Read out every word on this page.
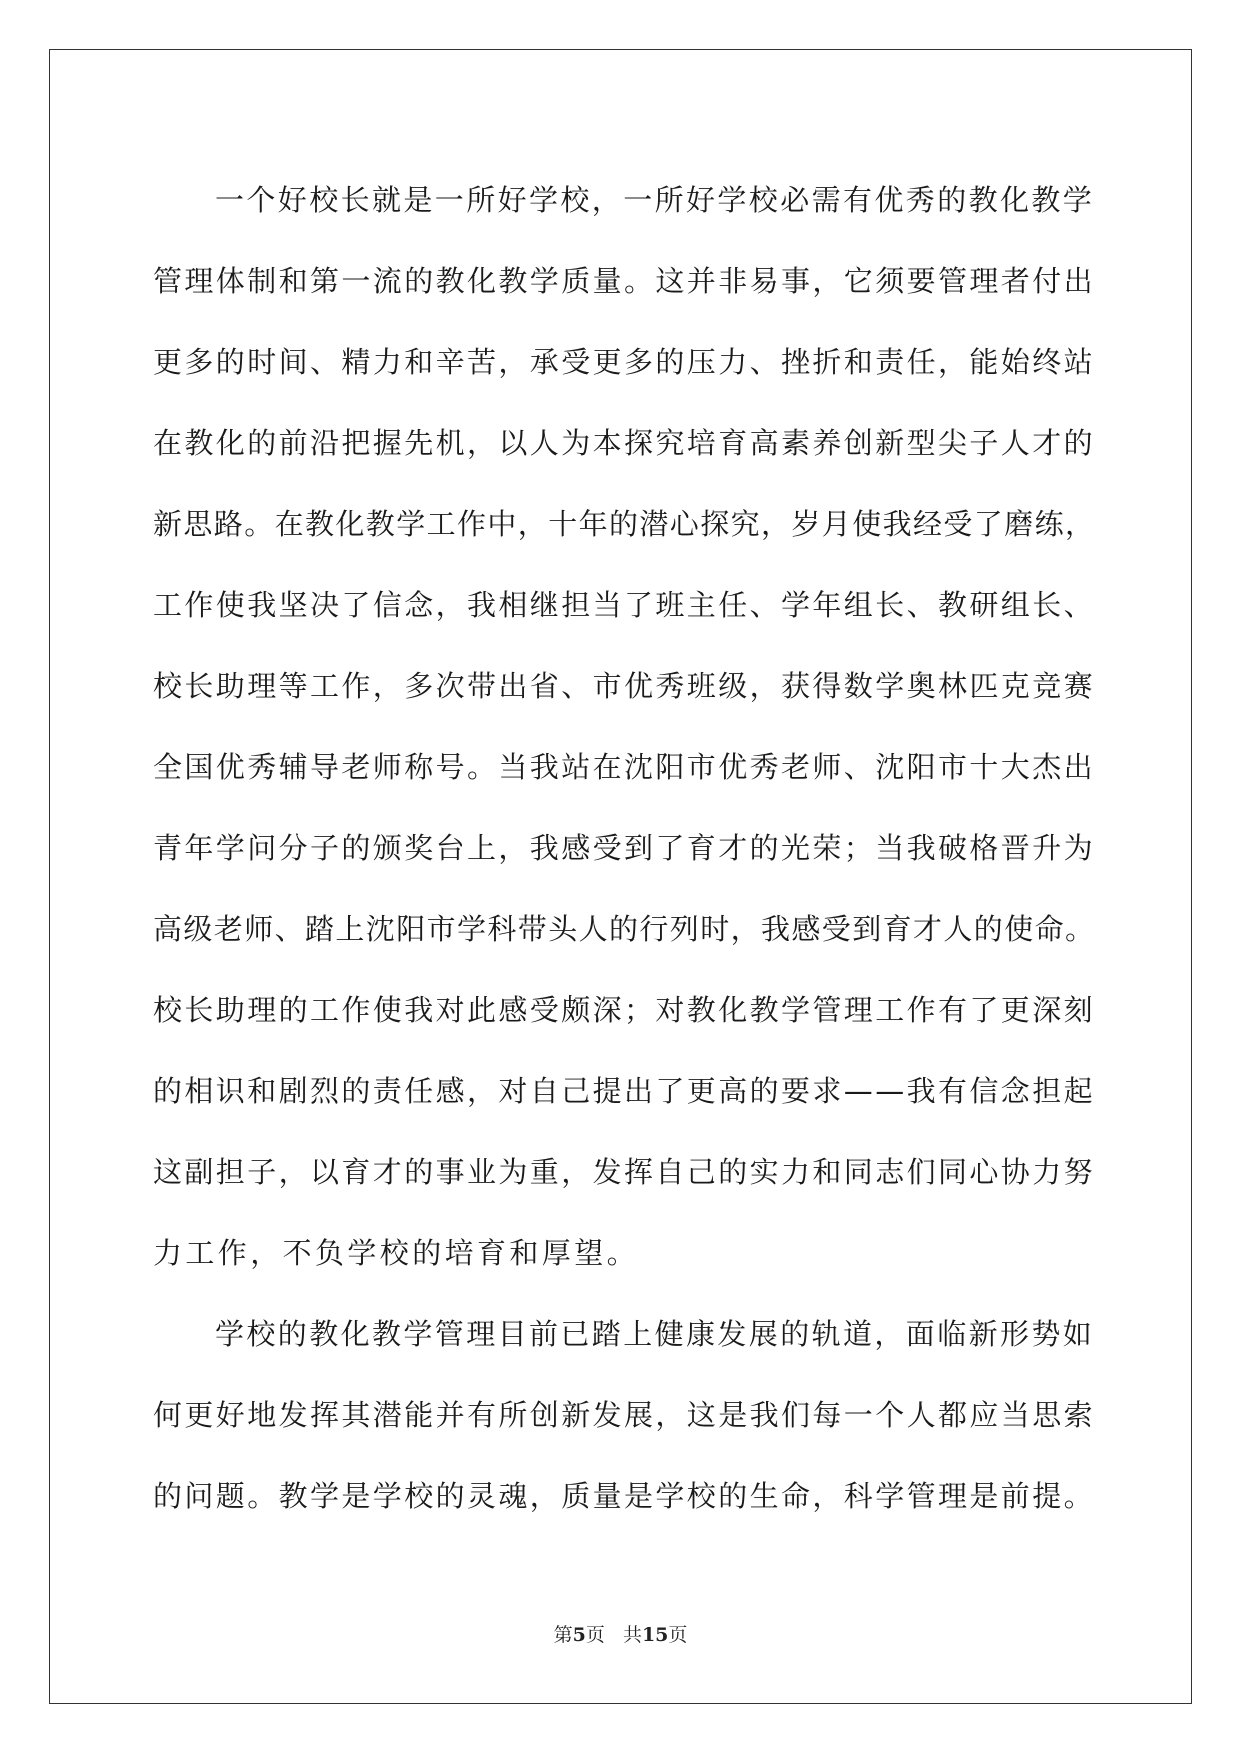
一个好校长就是一所好学校，一所好学校必需有优秀的教化教学
管理体制和第一流的教化教学质量。这并非易事，它须要管理者付出
更多的时间、精力和辛苦，承受更多的压力、挫折和责任，能始终站
在教化的前沿把握先机，以人为本探究培育高素养创新型尖子人才的
新思路。在教化教学工作中，十年的潜心探究，岁月使我经受了磨练，
工作使我坚决了信念，我相继担当了班主任、学年组长、教研组长、
校长助理等工作，多次带出省、市优秀班级，获得数学奥林匹克竞赛
全国优秀辅导老师称号。当我站在沈阳市优秀老师、沈阳市十大杰出
青年学问分子的颁奖台上，我感受到了育才的光荣；当我破格晋升为
高级老师、踏上沈阳市学科带头人的行列时，我感受到育才人的使命。
校长助理的工作使我对此感受颇深；对教化教学管理工作有了更深刻
的相识和剧烈的责任感，对自己提出了更高的要求——我有信念担起
这副担子，以育才的事业为重，发挥自己的实力和同志们同心协力努
力工作，不负学校的培育和厚望。
学校的教化教学管理目前已踏上健康发展的轨道，面临新形势如
何更好地发挥其潜能并有所创新发展，这是我们每一个人都应当思索
的问题。教学是学校的灵魂，质量是学校的生命，科学管理是前提。
第5页   共15页
